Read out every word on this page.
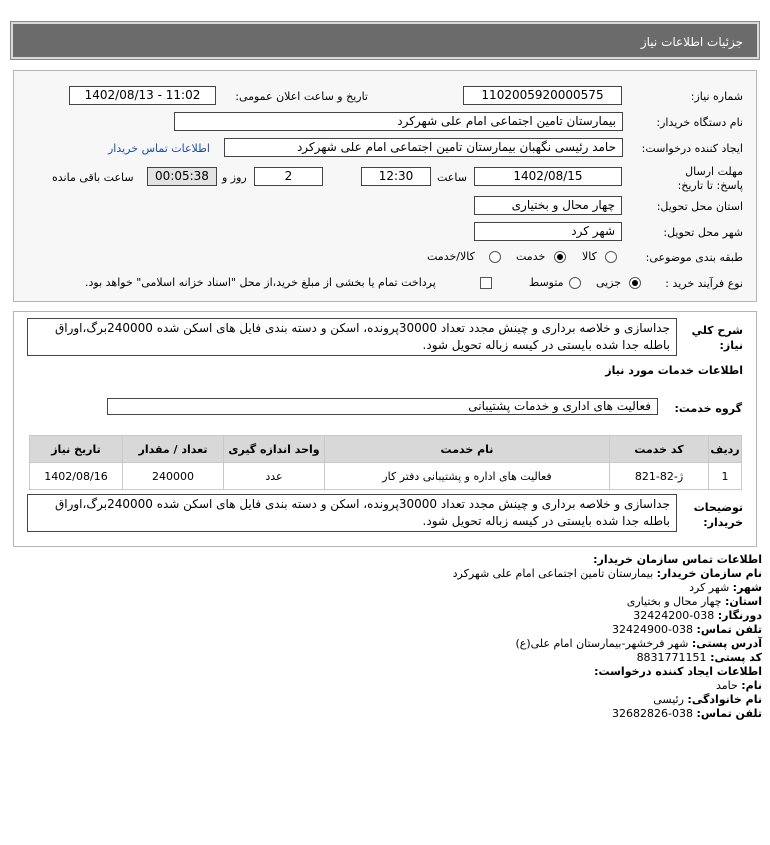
جزئیات اطلاعات نیاز
شماره نیاز:
1102005920000575
تاریخ و ساعت اعلان عمومی:
1402/08/13 - 11:02
نام دستگاه خریدار:
بیمارستان تامین اجتماعی امام علی شهرکرد
ایجاد کننده درخواست:
حامد رئیسی نگهبان بیمارستان تامین اجتماعی امام علی شهرکرد
اطلاعات تماس خریدار
مهلت ارسال پاسخ: تا تاریخ:
1402/08/15
ساعت
12:30
2
روز و
00:05:38
ساعت باقی مانده
استان محل تحویل:
چهار محال و بختیاری
شهر محل تحویل:
شهر کرد
طبقه بندی موضوعی:
کالا
خدمت
کالا/خدمت
نوع فرآیند خرید :
جزیی
متوسط
پرداخت تمام یا بخشی از مبلغ خرید،از محل "اسناد خزانه اسلامی" خواهد بود.
شرح کلي نياز:
جداسازی و خلاصه برداری و چینش مجدد تعداد 30000پرونده، اسکن و دسته بندی فایل های اسکن شده 240000برگ،اوراق
باطله جدا شده بایستی در کیسه زباله تحویل شود.
اطلاعات خدمات مورد نیاز
گروه خدمت:
فعالیت های اداری و خدمات پشتیبانی
ردیف	کد خدمت	نام خدمت	واحد اندازه گیری	تعداد / مقدار	تاریخ نیاز
1	ژ-82-821	فعالیت های اداره و پشتیبانی دفتر کار	عدد	240000	1402/08/16
توضیحات خریدار:
جداسازی و خلاصه برداری و چینش مجدد تعداد 30000پرونده، اسکن و دسته بندی فایل های اسکن شده 240000برگ،اوراق
باطله جدا شده بایستی در کیسه زباله تحویل شود.
اطلاعات تماس سازمان خریدار:
نام سازمان خریدار: بیمارستان تامین اجتماعی امام علی شهرکرد
شهر: شهر کرد
استان: چهار محال و بختیاری
دورنگار: 038-32424200
تلفن تماس: 038-32424900
آدرس پستی: شهر فرخشهر-بیمارستان امام علی(ع)
کد پستی: 8831771151
اطلاعات ایجاد کننده درخواست:
نام: حامد
نام خانوادگی: رئیسی
تلفن تماس: 038-32682826
